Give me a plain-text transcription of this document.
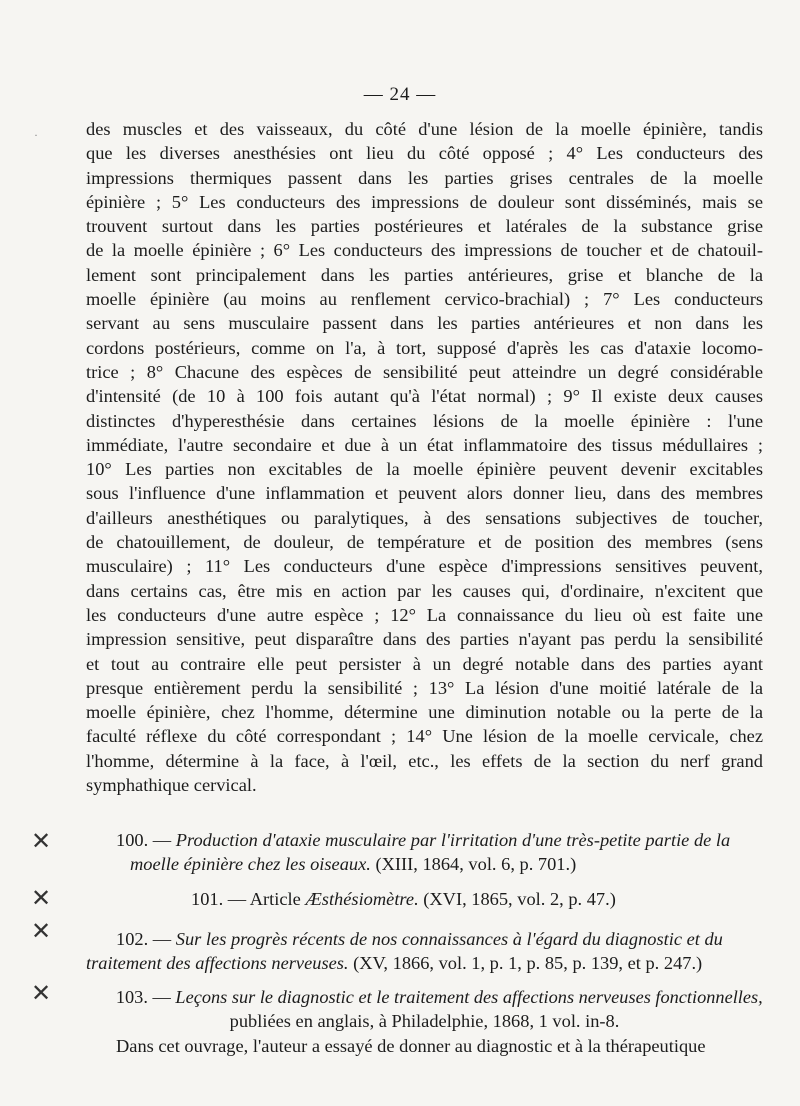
— 24 —
·	des muscles et des vaisseaux, du côté d'une lésion de la moelle épinière, tandis
que les diverses anesthésies ont lieu du côté opposé ; 4° Les conducteurs des
impressions thermiques passent dans les parties grises centrales de la moelle
épinière ; 5° Les conducteurs des impressions de douleur sont disséminés, mais se
trouvent surtout dans les parties postérieures et latérales de la substance grise
de la moelle épinière ; 6° Les conducteurs des impressions de toucher et de chatouil-
lement sont principalement dans les parties antérieures, grise et blanche de la
moelle épinière (au moins au renflement cervico-brachial) ; 7° Les conducteurs
servant au sens musculaire passent dans les parties antérieures et non dans les
cordons postérieurs, comme on l'a, à tort, supposé d'après les cas d'ataxie locomo-
trice ; 8° Chacune des espèces de sensibilité peut atteindre un degré considérable
d'intensité (de 10 à 100 fois autant qu'à l'état normal) ; 9° Il existe deux causes
distinctes d'hyperesthésie dans certaines lésions de la moelle épinière : l'une
immédiate, l'autre secondaire et due à un état inflammatoire des tissus médullaires ;
10° Les parties non excitables de la moelle épinière peuvent devenir excitables
sous l'influence d'une inflammation et peuvent alors donner lieu, dans des membres
d'ailleurs anesthétiques ou paralytiques, à des sensations subjectives de toucher,
de chatouillement, de douleur, de température et de position des membres (sens
musculaire) ; 11° Les conducteurs d'une espèce d'impressions sensitives peuvent,
dans certains cas, être mis en action par les causes qui, d'ordinaire, n'excitent que
les conducteurs d'une autre espèce ; 12° La connaissance du lieu où est faite une
impression sensitive, peut disparaître dans des parties n'ayant pas perdu la sensibilité
et tout au contraire elle peut persister à un degré notable dans des parties ayant
presque entièrement perdu la sensibilité ; 13° La lésion d'une moitié latérale de la
moelle épinière, chez l'homme, détermine une diminution notable ou la perte de la
faculté réflexe du côté correspondant ; 14° Une lésion de la moelle cervicale, chez
l'homme, détermine à la face, à l'œil, etc., les effets de la section du nerf grand
symphathique cervical.
✕	100. — Production d'ataxie musculaire par l'irritation d'une très-petite partie de la
moelle épinière chez les oiseaux. (XIII, 1864, vol. 6, p. 701.)
✕	101. — Article Æsthésiomètre. (XVI, 1865, vol. 2, p. 47.)
✕	102. — Sur les progrès récents de nos connaissances à l'égard du diagnostic et du
traitement des affections nerveuses. (XV, 1866, vol. 1, p. 1, p. 85, p. 139, et p. 247.)
✕	103. — Leçons sur le diagnostic et le traitement des affections nerveuses fonctionnelles,
publiées en anglais, à Philadelphie, 1868, 1 vol. in-8.
Dans cet ouvrage, l'auteur a essayé de donner au diagnostic et à la thérapeutique
